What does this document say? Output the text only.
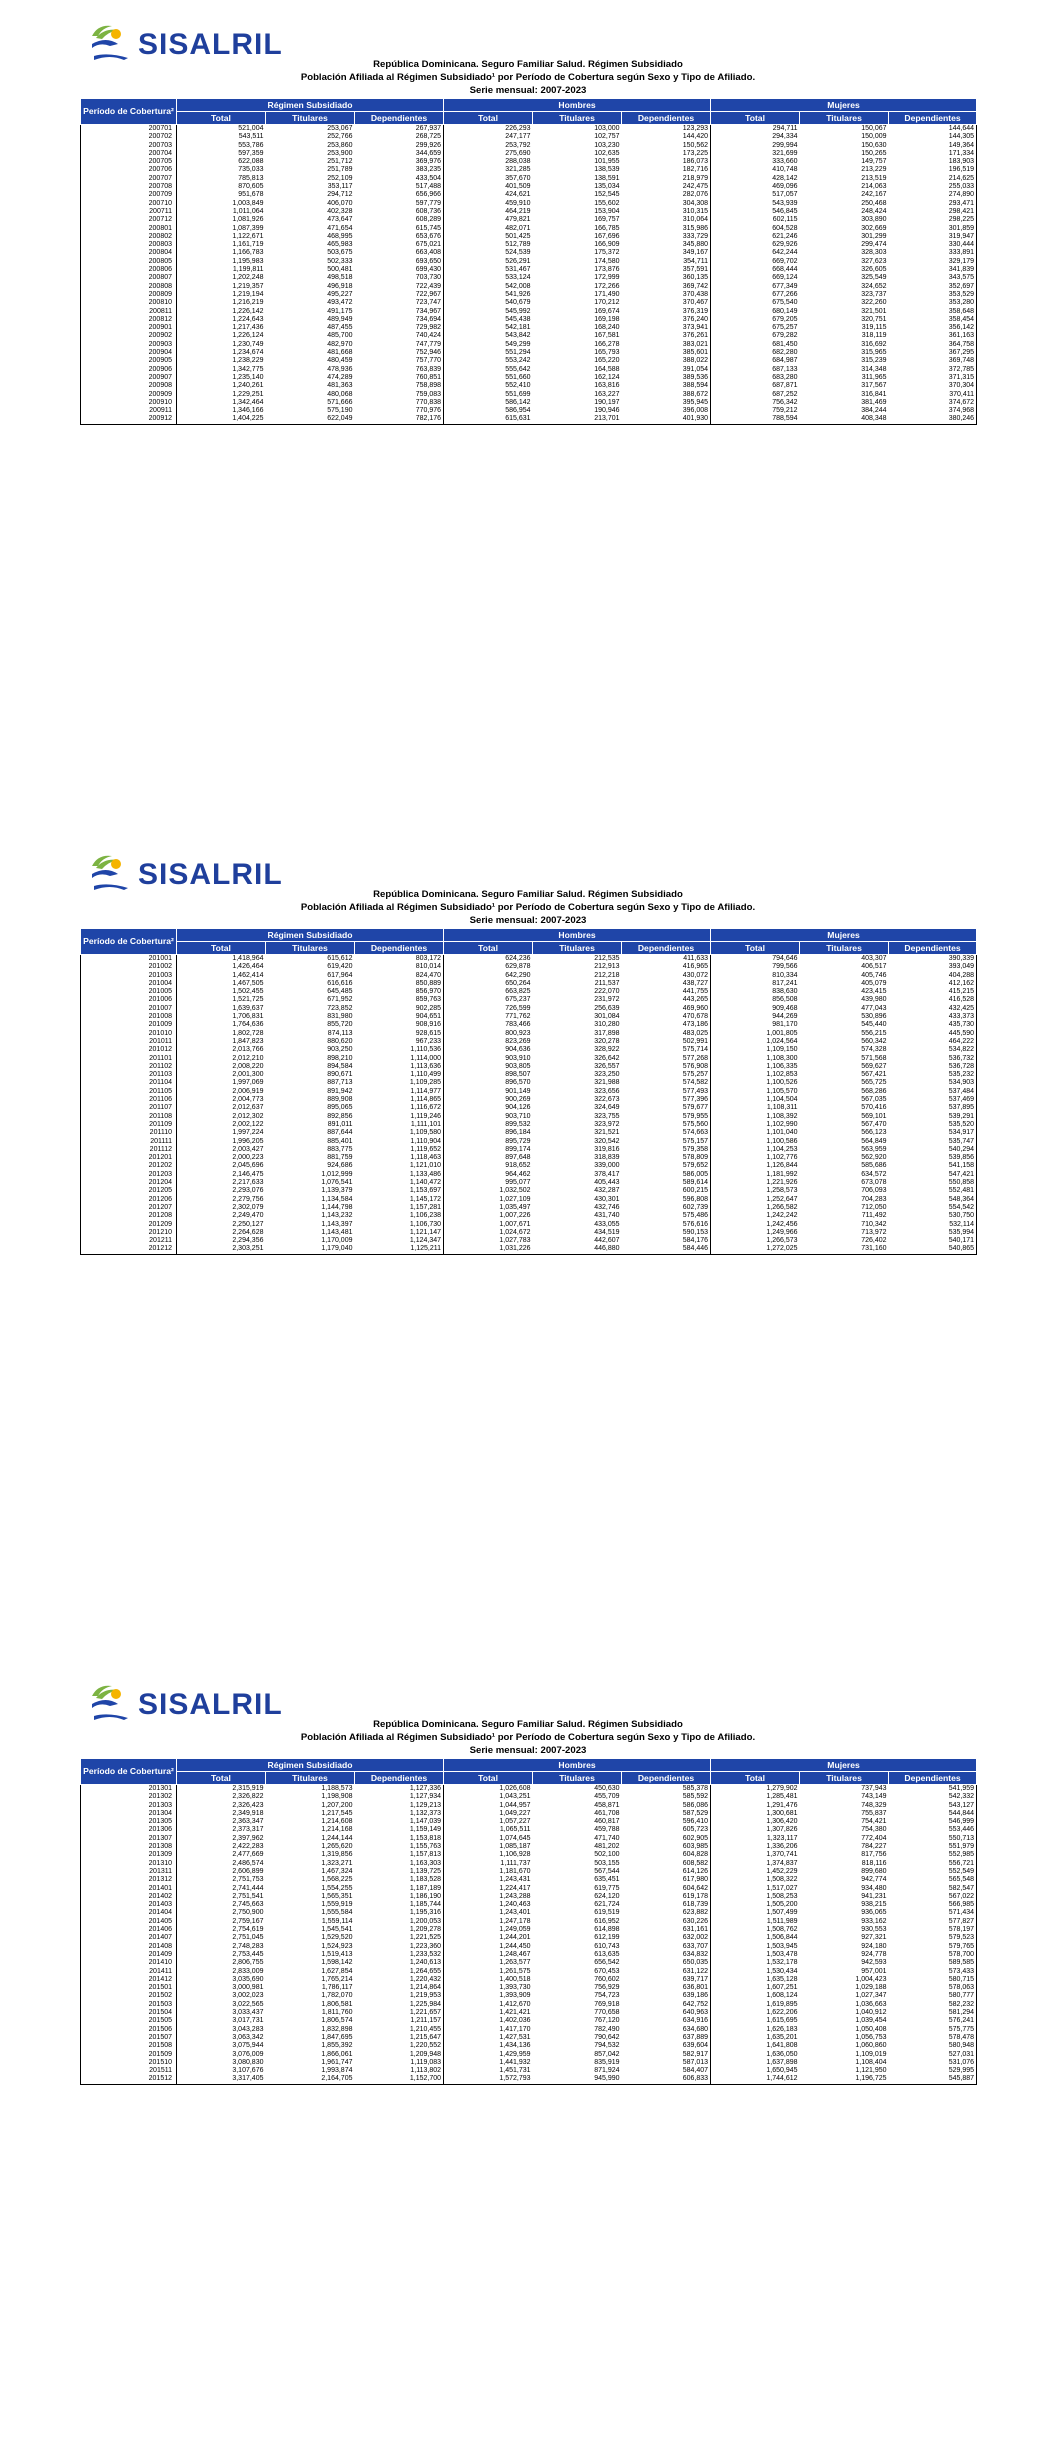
SISALRIL
República Dominicana. Seguro Familiar Salud. Régimen Subsidiado
Población Afiliada al Régimen Subsidiado¹ por Período de Cobertura según Sexo y Tipo de Afiliado.
Serie mensual: 2007-2023
Período de Cobertura²	Régimen Subsidiado			Hombres			Mujeres		
	Total	Titulares	Dependientes	Total	Titulares	Dependientes	Total	Titulares	Dependientes
200701	521,004	253,067	267,937	226,293	103,000	123,293	294,711	150,067	144,644
200702	543,511	252,766	268,725	247,177	102,757	144,420	294,334	150,009	144,305
200703	553,786	253,860	299,926	253,792	103,230	150,562	299,994	150,630	149,364
200704	597,359	253,900	344,659	275,690	102,635	173,225	321,699	150,265	171,334
200705	622,088	251,712	369,976	288,038	101,955	186,073	333,660	149,757	183,903
200706	735,033	251,789	383,235	321,285	138,539	182,716	410,748	213,229	196,519
200707	785,813	252,109	433,504	357,670	138,591	218,979	428,142	213,519	214,625
200708	870,605	353,117	517,488	401,509	135,034	242,475	469,096	214,063	255,033
200709	951,678	294,712	656,966	424,621	152,545	282,076	517,057	242,167	274,890
200710	1,003,849	406,070	597,779	459,910	155,602	304,308	543,939	250,468	293,471
200711	1,011,064	402,328	608,736	464,219	153,904	310,315	546,845	248,424	298,421
200712	1,081,926	473,647	608,289	479,821	169,757	310,064	602,115	303,890	298,225
200801	1,087,399	471,654	615,745	482,071	166,785	315,986	604,528	302,669	301,859
200802	1,122,671	468,995	653,676	501,425	167,696	333,729	621,246	301,299	319,947
200803	1,161,719	465,983	675,021	512,789	166,909	345,880	629,926	299,474	330,444
200804	1,166,783	503,675	663,408	524,539	175,372	349,167	642,244	328,303	333,891
200805	1,195,983	502,333	693,650	526,291	174,580	354,711	669,702	327,623	329,179
200806	1,199,811	500,481	699,430	531,467	173,876	357,591	668,444	326,605	341,839
200807	1,202,248	498,518	703,730	533,124	172,999	360,135	669,124	325,549	343,575
200808	1,219,357	496,918	722,439	542,008	172,266	369,742	677,349	324,652	352,697
200809	1,219,194	495,227	722,967	541,926	171,490	370,438	677,266	323,737	353,529
200810	1,216,219	493,472	723,747	540,679	170,212	370,467	675,540	322,260	353,280
200811	1,226,142	491,175	734,967	545,992	169,674	376,319	680,149	321,501	358,648
200812	1,224,643	489,949	734,694	545,438	169,198	376,240	679,205	320,751	358,454
200901	1,217,436	487,455	729,982	542,181	168,240	373,941	675,257	319,115	356,142
200902	1,226,124	485,700	740,424	543,842	167,581	376,261	679,282	318,119	361,163
200903	1,230,749	482,970	747,779	549,299	166,278	383,021	681,450	316,692	364,758
200904	1,234,674	481,668	752,946	551,294	165,793	385,601	682,280	315,965	367,295
200905	1,238,229	480,459	757,770	553,242	165,220	388,022	684,987	315,239	369,748
200906	1,342,775	478,936	763,839	555,642	164,588	391,054	687,133	314,348	372,785
200907	1,235,140	474,289	760,851	551,660	162,124	389,536	683,280	311,965	371,315
200908	1,240,261	481,363	758,898	552,410	163,816	388,594	687,871	317,567	370,304
200909	1,229,251	480,068	759,083	551,699	163,227	388,672	687,252	316,841	370,411
200910	1,342,464	571,666	770,838	586,142	190,197	395,945	756,342	381,469	374,672
200911	1,346,166	575,190	770,976	586,954	190,946	396,008	759,212	384,244	374,968
200912	1,404,225	622,049	782,176	615,631	213,701	401,930	788,594	408,348	380,246
SISALRIL
República Dominicana. Seguro Familiar Salud. Régimen Subsidiado
Población Afiliada al Régimen Subsidiado¹ por Período de Cobertura según Sexo y Tipo de Afiliado.
Serie mensual: 2007-2023
Período de Cobertura²	Régimen Subsidiado			Hombres			Mujeres		
	Total	Titulares	Dependientes	Total	Titulares	Dependientes	Total	Titulares	Dependientes
201001	1,418,964	615,612	803,172	624,236	212,535	411,633	794,646	403,307	390,339
201002	1,426,464	619,420	810,014	629,878	212,913	416,965	799,566	406,517	393,049
201003	1,462,414	617,964	824,470	642,290	212,218	430,072	810,334	405,746	404,288
201004	1,467,505	616,616	850,889	650,264	211,537	438,727	817,241	405,079	412,162
201005	1,502,455	645,485	856,970	663,825	222,070	441,755	838,630	423,415	415,215
201006	1,521,725	671,952	859,763	675,237	231,972	443,265	856,508	439,980	416,528
201007	1,639,637	723,852	902,285	726,599	256,639	469,960	909,468	477,043	432,425
201008	1,706,831	831,980	904,651	771,762	301,084	470,678	944,269	530,896	433,373
201009	1,764,636	855,720	908,916	783,466	310,280	473,186	981,170	545,440	435,730
201010	1,802,728	874,113	928,615	800,923	317,898	483,025	1,001,805	556,215	445,590
201011	1,847,823	880,620	967,233	823,269	320,278	502,991	1,024,564	560,342	464,222
201012	2,013,766	903,250	1,110,536	904,636	328,922	575,714	1,109,150	574,328	534,822
201101	2,012,210	898,210	1,114,000	903,910	326,642	577,268	1,108,300	571,568	536,732
201102	2,008,220	894,584	1,113,636	903,805	326,557	576,908	1,106,335	569,627	536,728
201103	2,001,300	890,671	1,110,499	898,507	323,250	575,257	1,102,853	567,421	535,232
201104	1,997,069	887,713	1,109,285	896,570	321,988	574,582	1,100,526	565,725	534,903
201105	2,006,919	891,942	1,114,977	901,149	323,656	577,493	1,105,570	568,286	537,484
201106	2,004,773	889,908	1,114,865	900,269	322,673	577,396	1,104,504	567,035	537,469
201107	2,012,637	895,065	1,116,672	904,126	324,649	579,677	1,108,311	570,416	537,895
201108	2,012,302	892,856	1,119,246	903,710	323,755	579,955	1,108,392	569,101	539,291
201109	2,002,122	891,011	1,111,101	899,532	323,972	575,560	1,102,990	567,470	535,520
201110	1,997,224	887,644	1,109,580	896,184	321,521	574,663	1,101,040	566,123	534,917
201111	1,996,205	885,401	1,110,904	895,729	320,542	575,157	1,100,586	564,849	535,747
201112	2,003,427	883,775	1,119,652	899,174	319,816	579,358	1,104,253	563,959	540,294
201201	2,000,223	881,759	1,118,463	897,648	318,839	578,809	1,102,776	562,920	539,856
201202	2,045,696	924,686	1,121,010	918,652	339,000	579,652	1,126,844	585,686	541,158
201203	2,146,475	1,012,999	1,133,486	964,462	378,417	586,005	1,181,992	634,572	547,421
201204	2,217,633	1,076,541	1,140,472	995,077	405,443	589,614	1,221,926	673,078	550,858
201205	2,293,076	1,139,379	1,153,697	1,032,502	432,287	600,215	1,258,573	706,093	552,481
201206	2,279,756	1,134,584	1,145,172	1,027,109	430,301	596,808	1,252,647	704,283	548,364
201207	2,302,079	1,144,798	1,157,281	1,035,497	432,746	602,739	1,266,582	712,050	554,542
201208	2,249,470	1,143,232	1,106,238	1,007,226	431,740	575,486	1,242,242	711,492	530,750
201209	2,250,127	1,143,397	1,106,730	1,007,671	433,055	576,616	1,242,456	710,342	532,114
201210	2,264,628	1,143,481	1,121,147	1,024,672	434,519	590,153	1,249,966	713,972	535,994
201211	2,294,356	1,170,009	1,124,347	1,027,783	442,607	584,176	1,266,573	726,402	540,171
201212	2,303,251	1,179,040	1,125,211	1,031,226	446,880	584,446	1,272,025	731,160	540,865
SISALRIL
República Dominicana. Seguro Familiar Salud. Régimen Subsidiado
Población Afiliada al Régimen Subsidiado¹ por Período de Cobertura según Sexo y Tipo de Afiliado.
Serie mensual: 2007-2023
Período de Cobertura²	Régimen Subsidiado			Hombres			Mujeres		
	Total	Titulares	Dependientes	Total	Titulares	Dependientes	Total	Titulares	Dependientes
201301	2,315,919	1,188,573	1,127,336	1,026,608	450,630	585,378	1,279,902	737,943	541,959
201302	2,326,822	1,198,908	1,127,934	1,043,251	455,709	585,592	1,285,481	743,149	542,332
201303	2,326,423	1,207,200	1,129,213	1,044,957	458,871	586,086	1,291,476	748,329	543,127
201304	2,349,918	1,217,545	1,132,373	1,049,227	461,708	587,529	1,300,681	755,837	544,844
201305	2,363,347	1,214,608	1,147,039	1,057,227	460,817	596,410	1,306,420	754,421	546,999
201306	2,373,317	1,214,168	1,159,149	1,065,511	459,788	605,723	1,307,826	754,380	553,446
201307	2,397,962	1,244,144	1,153,818	1,074,645	471,740	602,905	1,323,117	772,404	550,713
201308	2,422,283	1,265,620	1,155,763	1,085,187	481,202	603,985	1,336,206	784,227	551,979
201309	2,477,669	1,319,856	1,157,813	1,106,928	502,100	604,828	1,370,741	817,756	552,985
201310	2,486,574	1,323,271	1,163,303	1,111,737	503,155	608,582	1,374,837	818,116	556,721
201311	2,606,899	1,467,324	1,139,725	1,181,670	567,544	614,126	1,452,229	899,680	552,549
201312	2,751,753	1,568,225	1,183,528	1,243,431	635,451	617,980	1,508,322	942,774	565,548
201401	2,741,444	1,554,255	1,187,189	1,224,417	619,775	604,642	1,517,027	934,480	582,547
201402	2,751,541	1,565,351	1,186,190	1,243,288	624,120	619,178	1,508,253	941,231	567,022
201403	2,745,663	1,559,919	1,185,744	1,240,463	621,724	618,739	1,505,200	938,215	566,985
201404	2,750,900	1,555,584	1,195,316	1,243,401	619,519	623,882	1,507,499	936,065	571,434
201405	2,759,167	1,559,114	1,200,053	1,247,178	616,952	630,226	1,511,989	933,162	577,827
201406	2,754,619	1,545,541	1,209,278	1,249,059	614,898	631,161	1,508,762	930,553	578,197
201407	2,751,045	1,529,520	1,221,525	1,244,201	612,199	632,002	1,506,844	927,321	579,523
201408	2,748,283	1,524,923	1,223,360	1,244,450	610,743	633,707	1,503,945	924,180	579,765
201409	2,753,445	1,519,413	1,233,532	1,248,467	613,635	634,832	1,503,478	924,778	578,700
201410	2,806,755	1,598,142	1,240,613	1,263,577	656,542	650,035	1,532,178	942,593	589,585
201411	2,833,009	1,627,854	1,264,655	1,261,575	670,453	631,122	1,530,434	957,001	573,433
201412	3,035,690	1,765,214	1,220,432	1,400,518	760,602	639,717	1,635,128	1,004,423	580,715
201501	3,000,981	1,786,117	1,214,864	1,393,730	756,929	636,801	1,607,251	1,029,188	578,063
201502	3,002,023	1,782,070	1,219,953	1,393,909	754,723	639,186	1,608,124	1,027,347	580,777
201503	3,022,565	1,806,581	1,225,984	1,412,670	769,918	642,752	1,619,895	1,036,663	582,232
201504	3,033,437	1,811,760	1,221,657	1,421,421	770,658	640,963	1,622,206	1,040,912	581,294
201505	3,017,731	1,806,574	1,211,157	1,402,036	767,120	634,916	1,615,695	1,039,454	576,241
201506	3,043,283	1,832,898	1,210,455	1,417,170	782,490	634,680	1,626,183	1,050,408	575,775
201507	3,063,342	1,847,695	1,215,647	1,427,531	790,642	637,889	1,635,201	1,056,753	578,478
201508	3,075,944	1,855,392	1,220,552	1,434,136	794,532	639,604	1,641,808	1,060,860	580,948
201509	3,076,009	1,866,061	1,209,948	1,429,959	857,042	582,917	1,636,050	1,109,019	527,031
201510	3,080,830	1,961,747	1,119,083	1,441,932	835,919	587,013	1,637,898	1,108,404	531,076
201511	3,107,676	1,993,874	1,113,802	1,451,731	871,924	584,407	1,650,945	1,121,950	529,995
201512	3,317,405	2,164,705	1,152,700	1,572,793	945,990	606,833	1,744,612	1,196,725	545,887
